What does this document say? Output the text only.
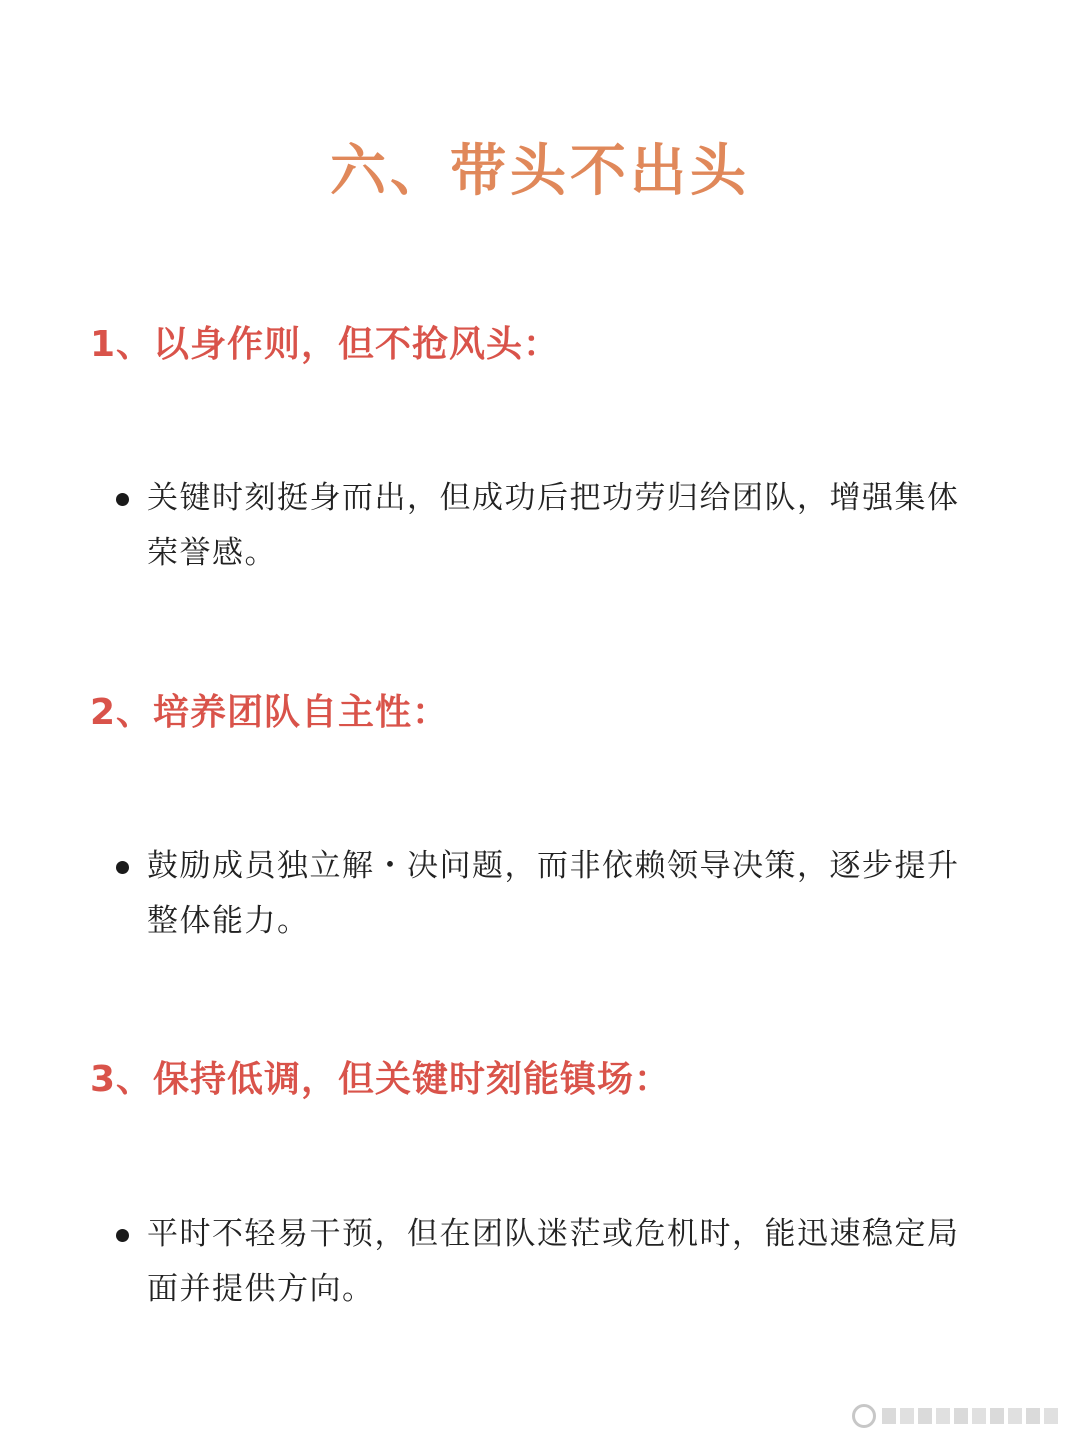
六、带头不出头
1、以身作则，但不抢风头：

关键时刻挺身而出，但成功后把功劳归给团队，增强集体荣誉感。

2、培养团队自主性：

鼓励成员独立解・决问题，而非依赖领导决策，逐步提升整体能力。

3、保持低调，但关键时刻能镇场：

平时不轻易干预，但在团队迷茫或危机时，能迅速稳定局面并提供方向。
